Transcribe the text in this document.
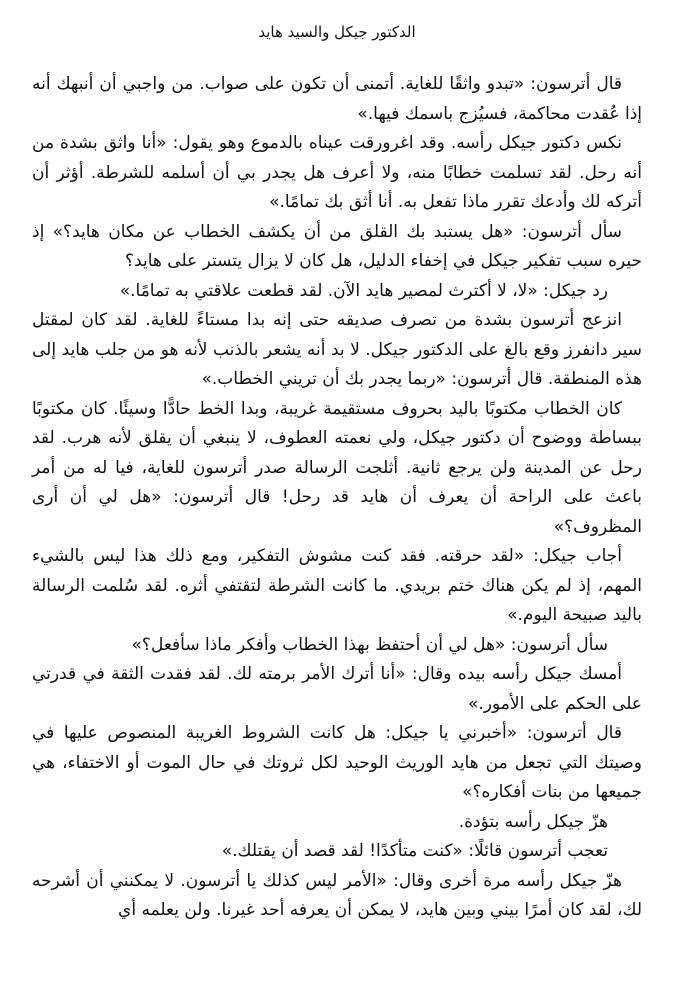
الدكتور جيكل والسيد هايد

قال أترسون: «تبدو واثقًا للغاية. أتمنى أن تكون على صواب. من واجبي أن أنبهك أنه إذا عُقدت محاكمة، فسيُزج باسمك فيها.»

نكس دكتور جيكل رأسه. وقد اغرورقت عيناه بالدموع وهو يقول: «أنا واثق بشدة من أنه رحل. لقد تسلمت خطابًا منه، ولا أعرف هل يجدر بي أن أسلمه للشرطة. أؤثر أن أتركه لك وأدعك تقرر ماذا تفعل به. أنا أثق بك تمامًا.»

سأل أترسون: «هل يستبد بك القلق من أن يكشف الخطاب عن مكان هايد؟» إذ حيره سبب تفكير جيكل في إخفاء الدليل، هل كان لا يزال يتستر على هايد؟

رد جيكل: «لا، لا أكترث لمصير هايد الآن. لقد قطعت علاقتي به تمامًا.»

انزعج أترسون بشدة من تصرف صديقه حتى إنه بدا مستاءً للغاية. لقد كان لمقتل سير دانفرز وقع بالغ على الدكتور جيكل. لا بد أنه يشعر بالذنب لأنه هو من جلب هايد إلى هذه المنطقة. قال أترسون: «ربما يجدر بك أن تريني الخطاب.»

كان الخطاب مكتوبًا باليد بحروف مستقيمة غريبة، وبدا الخط حادًّا وسيئًا. كان مكتوبًا ببساطة ووضوح أن دكتور جيكل، ولي نعمته العطوف، لا ينبغي أن يقلق لأنه هرب. لقد رحل عن المدينة ولن يرجع ثانية. أثلجت الرسالة صدر أترسون للغاية، فيا له من أمر باعث على الراحة أن يعرف أن هايد قد رحل! قال أترسون: «هل لي أن أرى المظروف؟»

أجاب جيكل: «لقد حرقته. فقد كنت مشوش التفكير، ومع ذلك هذا ليس بالشيء المهم، إذ لم يكن هناك ختم بريدي. ما كانت الشرطة لتقتفي أثره. لقد سُلمت الرسالة باليد صبيحة اليوم.»

سأل أترسون: «هل لي أن أحتفظ بهذا الخطاب وأفكر ماذا سأفعل؟»

أمسك جيكل رأسه بيده وقال: «أنا أترك الأمر برمته لك. لقد فقدت الثقة في قدرتي على الحكم على الأمور.»

قال أترسون: «أخبرني يا جيكل: هل كانت الشروط الغريبة المنصوص عليها في وصيتك التي تجعل من هايد الوريث الوحيد لكل ثروتك في حال الموت أو الاختفاء، هي جميعها من بنات أفكاره؟»

هزّ جيكل رأسه بتؤدة.

تعجب أترسون قائلًا: «كنت متأكدًا! لقد قصد أن يقتلك.»

هزّ جيكل رأسه مرة أخرى وقال: «الأمر ليس كذلك يا أترسون. لا يمكنني أن أشرحه لك، لقد كان أمرًا بيني وبين هايد، لا يمكن أن يعرفه أحد غيرنا. ولن يعلمه أي
